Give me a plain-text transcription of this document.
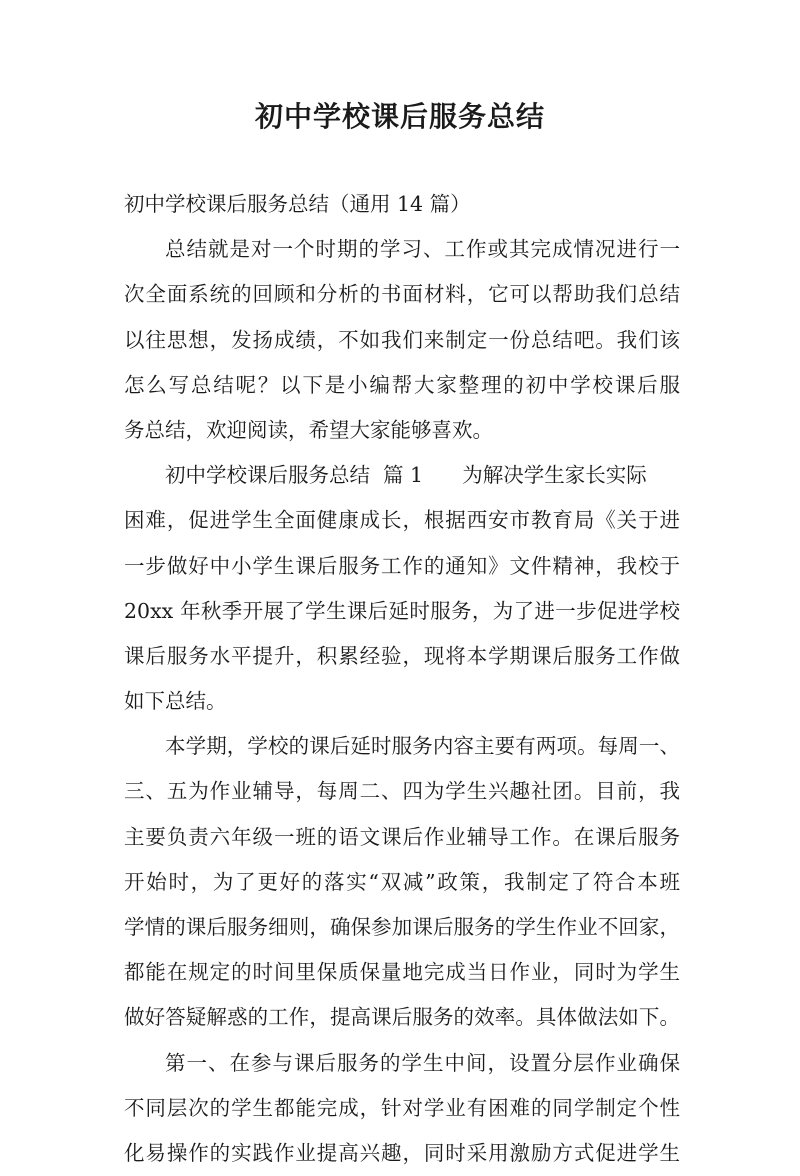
初中学校课后服务总结
初中学校课后服务总结（通用 14 篇）
总结就是对一个时期的学习、工作或其完成情况进行一
次全面系统的回顾和分析的书面材料，它可以帮助我们总结
以往思想，发扬成绩，不如我们来制定一份总结吧。我们该
怎么写总结呢？以下是小编帮大家整理的初中学校课后服
务总结，欢迎阅读，希望大家能够喜欢。
初中学校课后服务总结  篇 1      为解决学生家长实际
困难，促进学生全面健康成长，根据西安市教育局《关于进
一步做好中小学生课后服务工作的通知》文件精神，我校于
20xx 年秋季开展了学生课后延时服务，为了进一步促进学校
课后服务水平提升，积累经验，现将本学期课后服务工作做
如下总结。
本学期，学校的课后延时服务内容主要有两项。每周一、
三、五为作业辅导，每周二、四为学生兴趣社团。目前，我
主要负责六年级一班的语文课后作业辅导工作。在课后服务
开始时，为了更好的落实“双减”政策，我制定了符合本班
学情的课后服务细则，确保参加课后服务的学生作业不回家，
都能在规定的时间里保质保量地完成当日作业，同时为学生
做好答疑解惑的工作，提高课后服务的效率。具体做法如下。
第一、在参与课后服务的学生中间，设置分层作业确保
不同层次的学生都能完成，针对学业有困难的同学制定个性
化易操作的实践作业提高兴趣，同时采用激励方式促进学生
